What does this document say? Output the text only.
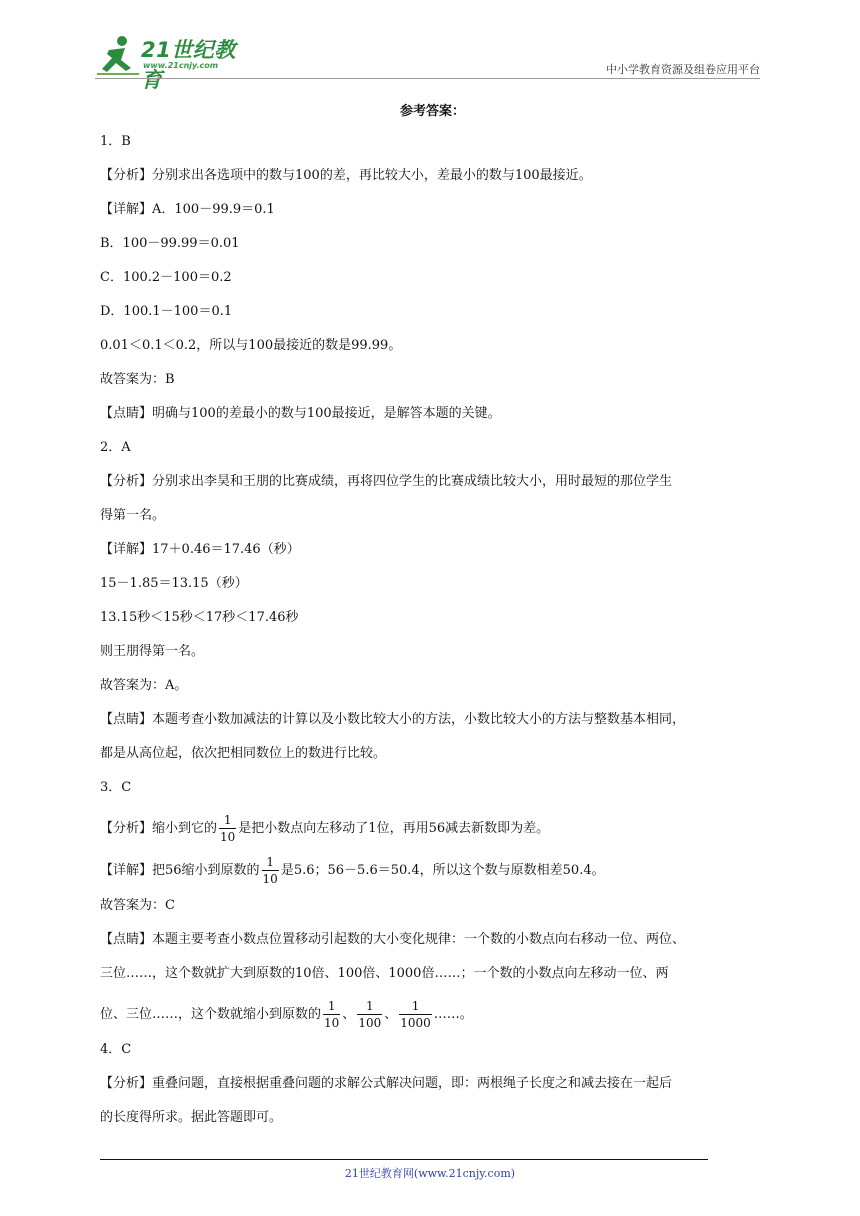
21世纪教育
www.21cnjy.com	中小学教育资源及组卷应用平台
参考答案：
1．B
【分析】分别求出各选项中的数与100的差，再比较大小，差最小的数与100最接近。
【详解】A．100－99.9＝0.1
B．100－99.99＝0.01
C．100.2－100＝0.2
D．100.1－100＝0.1
0.01＜0.1＜0.2，所以与100最接近的数是99.99。
故答案为：B
【点睛】明确与100的差最小的数与100最接近，是解答本题的关键。
2．A
【分析】分别求出李昊和王朋的比赛成绩，再将四位学生的比赛成绩比较大小，用时最短的那位学生
得第一名。
【详解】17＋0.46＝17.46（秒）
15－1.85＝13.15（秒）
13.15秒＜15秒＜17秒＜17.46秒
则王朋得第一名。
故答案为：A。
【点睛】本题考查小数加减法的计算以及小数比较大小的方法，小数比较大小的方法与整数基本相同，
都是从高位起，依次把相同数位上的数进行比较。
3．C
【分析】缩小到它的 $\frac{1}{10}$ 是把小数点向左移动了1位，再用56减去新数即为差。
【详解】把56缩小到原数的 $\frac{1}{10}$ 是5.6；56－5.6＝50.4，所以这个数与原数相差50.4。
故答案为：C
【点睛】本题主要考查小数点位置移动引起数的大小变化规律：一个数的小数点向右移动一位、两位、
三位……，这个数就扩大到原数的10倍、100倍、1000倍……；一个数的小数点向左移动一位、两
位、三位……，这个数就缩小到原数的 $\frac{1}{10}$ 、 $\frac{1}{100}$ 、 $\frac{1}{1000}$ ……。
4．C
【分析】重叠问题，直接根据重叠问题的求解公式解决问题，即：两根绳子长度之和减去接在一起后
的长度得所求。据此答题即可。
21世纪教育网(www.21cnjy.com)
